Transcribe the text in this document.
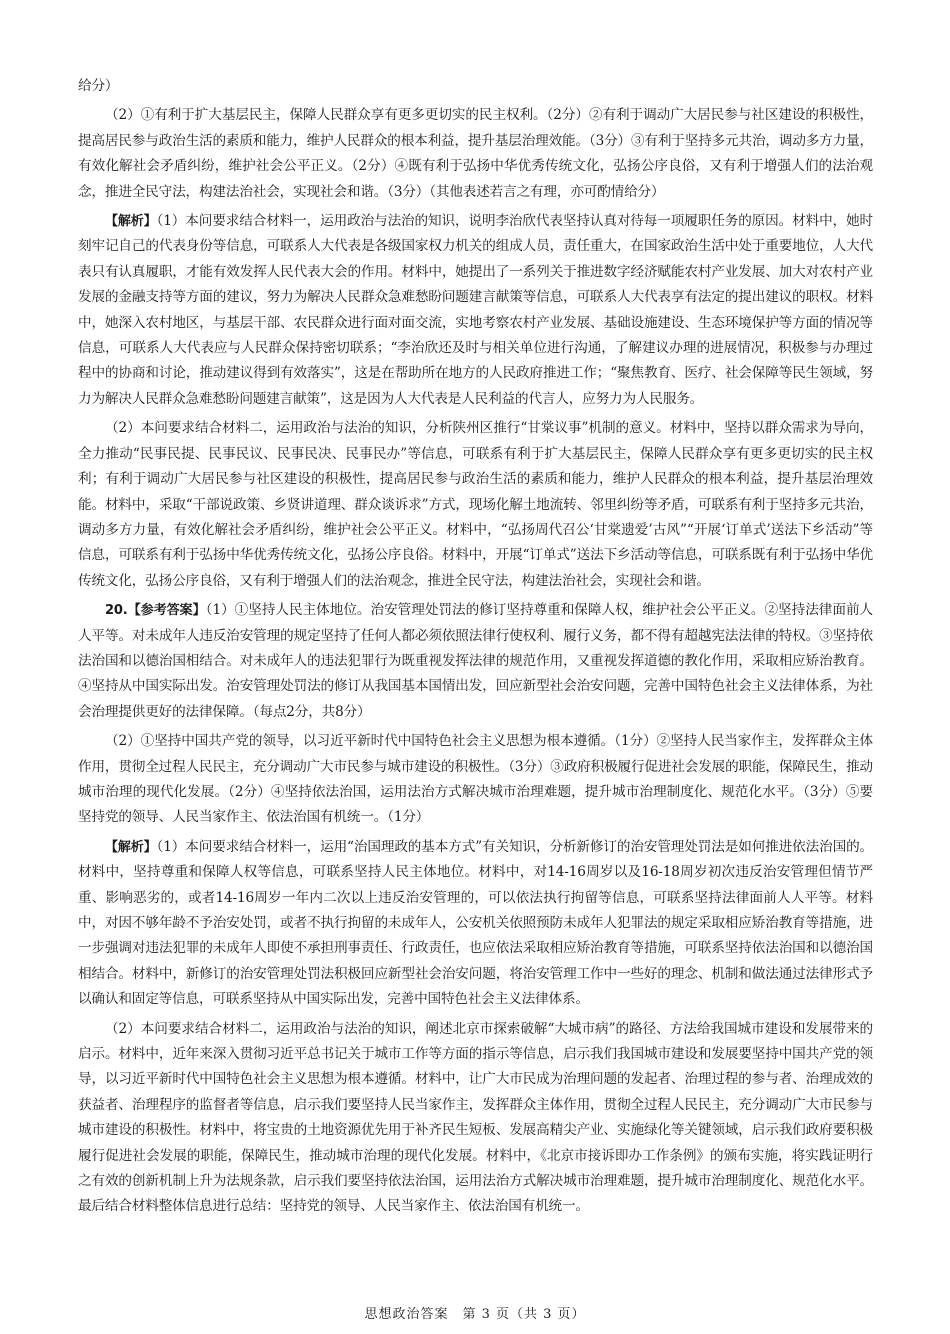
给分）

（2）①有利于扩大基层民主，保障人民群众享有更多更切实的民主权利。（2分）②有利于调动广大居民参与社区建设的积极性，提高居民参与政治生活的素质和能力，维护人民群众的根本利益，提升基层治理效能。（3分）③有利于坚持多元共治，调动多方力量，有效化解社会矛盾纠纷，维护社会公平正义。（2分）④既有利于弘扬中华优秀传统文化，弘扬公序良俗，又有利于增强人们的法治观念，推进全民守法，构建法治社会，实现社会和谐。（3分）（其他表述若言之有理，亦可酌情给分）

【解析】（1）本问要求结合材料一，运用政治与法治的知识，说明李治欣代表坚持认真对待每一项履职任务的原因。材料中，她时刻牢记自己的代表身份等信息，可联系人大代表是各级国家权力机关的组成人员，责任重大，在国家政治生活中处于重要地位，人大代表只有认真履职，才能有效发挥人民代表大会的作用。材料中，她提出了一系列关于推进数字经济赋能农村产业发展、加大对农村产业发展的金融支持等方面的建议，努力为解决人民群众急难愁盼问题建言献策等信息，可联系人大代表享有法定的提出建议的职权。材料中，她深入农村地区，与基层干部、农民群众进行面对面交流，实地考察农村产业发展、基础设施建设、生态环境保护等方面的情况等信息，可联系人大代表应与人民群众保持密切联系；“李治欣还及时与相关单位进行沟通，了解建议办理的进展情况，积极参与办理过程中的协商和讨论，推动建议得到有效落实”，这是在帮助所在地方的人民政府推进工作；“聚焦教育、医疗、社会保障等民生领域，努力为解决人民群众急难愁盼问题建言献策”，这是因为人大代表是人民利益的代言人，应努力为人民服务。

（2）本问要求结合材料二，运用政治与法治的知识，分析陕州区推行“甘棠议事”机制的意义。材料中，坚持以群众需求为导向，全力推动“民事民提、民事民议、民事民决、民事民办”等信息，可联系有利于扩大基层民主，保障人民群众享有更多更切实的民主权利；有利于调动广大居民参与社区建设的积极性，提高居民参与政治生活的素质和能力，维护人民群众的根本利益，提升基层治理效能。材料中，采取“干部说政策、乡贤讲道理、群众谈诉求”方式，现场化解土地流转、邻里纠纷等矛盾，可联系有利于坚持多元共治，调动多方力量，有效化解社会矛盾纠纷，维护社会公平正义。材料中，“弘扬周代召公‘甘棠遗爱’古风”“开展‘订单式’送法下乡活动”等信息，可联系有利于弘扬中华优秀传统文化，弘扬公序良俗。材料中，开展“订单式”送法下乡活动等信息，可联系既有利于弘扬中华优传统文化，弘扬公序良俗，又有利于增强人们的法治观念，推进全民守法，构建法治社会，实现社会和谐。

20.【参考答案】（1）①坚持人民主体地位。治安管理处罚法的修订坚持尊重和保障人权，维护社会公平正义。②坚持法律面前人人平等。对未成年人违反治安管理的规定坚持了任何人都必须依照法律行使权利、履行义务，都不得有超越宪法法律的特权。③坚持依法治国和以德治国相结合。对未成年人的违法犯罪行为既重视发挥法律的规范作用，又重视发挥道德的教化作用，采取相应矫治教育。④坚持从中国实际出发。治安管理处罚法的修订从我国基本国情出发，回应新型社会治安问题，完善中国特色社会主义法律体系，为社会治理提供更好的法律保障。（每点2分，共8分）

（2）①坚持中国共产党的领导，以习近平新时代中国特色社会主义思想为根本遵循。（1分）②坚持人民当家作主，发挥群众主体作用，贯彻全过程人民民主，充分调动广大市民参与城市建设的积极性。（3分）③政府积极履行促进社会发展的职能，保障民生，推动城市治理的现代化发展。（2分）④坚持依法治国，运用法治方式解决城市治理难题，提升城市治理制度化、规范化水平。（3分）⑤要坚持党的领导、人民当家作主、依法治国有机统一。（1分）

【解析】（1）本问要求结合材料一，运用“治国理政的基本方式”有关知识，分析新修订的治安管理处罚法是如何推进依法治国的。材料中，坚持尊重和保障人权等信息，可联系坚持人民主体地位。材料中，对14-16周岁以及16-18周岁初次违反治安管理但情节严重、影响恶劣的，或者14-16周岁一年内二次以上违反治安管理的，可以依法执行拘留等信息，可联系坚持法律面前人人平等。材料中，对因不够年龄不予治安处罚，或者不执行拘留的未成年人，公安机关依照预防未成年人犯罪法的规定采取相应矫治教育等措施，进一步强调对违法犯罪的未成年人即使不承担刑事责任、行政责任，也应依法采取相应矫治教育等措施，可联系坚持依法治国和以德治国相结合。材料中，新修订的治安管理处罚法积极回应新型社会治安问题，将治安管理工作中一些好的理念、机制和做法通过法律形式予以确认和固定等信息，可联系坚持从中国实际出发，完善中国特色社会主义法律体系。

（2）本问要求结合材料二，运用政治与法治的知识，阐述北京市探索破解“大城市病”的路径、方法给我国城市建设和发展带来的启示。材料中，近年来深入贯彻习近平总书记关于城市工作等方面的指示等信息，启示我们我国城市建设和发展要坚持中国共产党的领导，以习近平新时代中国特色社会主义思想为根本遵循。材料中，让广大市民成为治理问题的发起者、治理过程的参与者、治理成效的获益者、治理程序的监督者等信息，启示我们要坚持人民当家作主，发挥群众主体作用，贯彻全过程人民民主，充分调动广大市民参与城市建设的积极性。材料中，将宝贵的土地资源优先用于补齐民生短板、发展高精尖产业、实施绿化等关键领域，启示我们政府要积极履行促进社会发展的职能，保障民生，推动城市治理的现代化发展。材料中，《北京市接诉即办工作条例》的颁布实施，将实践证明行之有效的创新机制上升为法规条款，启示我们要坚持依法治国，运用法治方式解决城市治理难题，提升城市治理制度化、规范化水平。最后结合材料整体信息进行总结：坚持党的领导、人民当家作主、依法治国有机统一。

思想政治答案　第 3 页（共 3 页）
